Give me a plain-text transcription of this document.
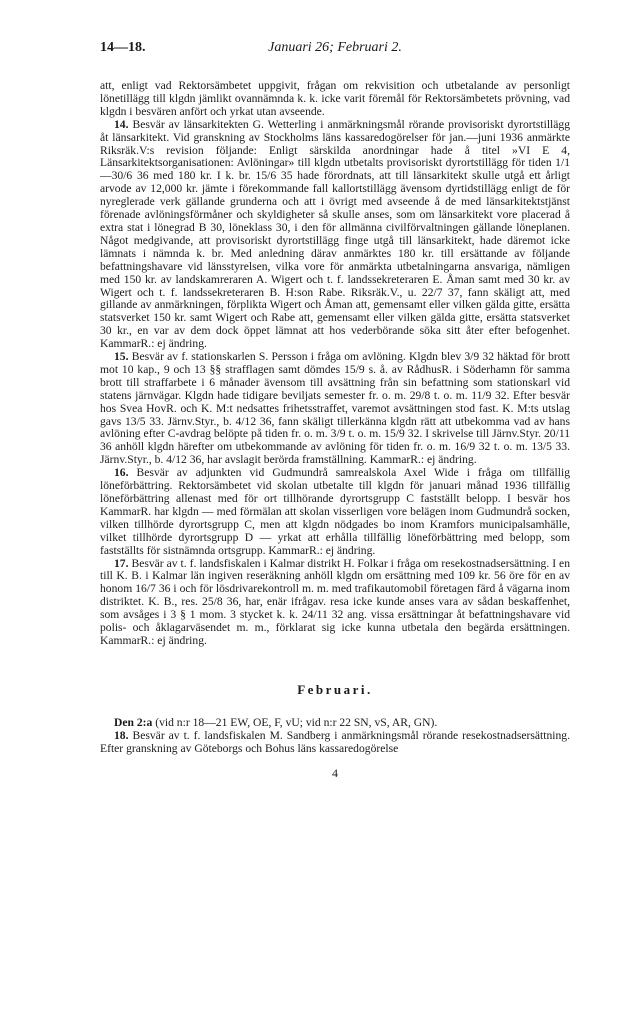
14—18.	Januari 26; Februari 2.

att, enligt vad Rektorsämbetet uppgivit, frågan om rekvisition och utbetalande av personligt lönetillägg till klgdn jämlikt ovannämnda k. k. icke varit föremål för Rektorsämbetets prövning, vad klgdn i besvären anfört och yrkat utan avseende.

14. Besvär av länsarkitekten G. Wetterling i anmärkningsmål rörande provisoriskt dyrortstillägg åt länsarkitekt. Vid granskning av Stockholms läns kassaredogörelser för jan.—juni 1936 anmärkte Riksräk.V:s revision följande: Enligt särskilda anordningar hade å titel »VI E 4, Länsarkitektsorganisationen: Avlöningar» till klgdn utbetalts provisoriskt dyrortstillägg för tiden 1/1—30/6 36 med 180 kr. I k. br. 15/6 35 hade förordnats, att till länsarkitekt skulle utgå ett årligt arvode av 12,000 kr. jämte i förekommande fall kallortstillägg ävensom dyrtidstillägg enligt de för nyreglerade verk gällande grunderna och att i övrigt med avseende å de med länsarkitektstjänst förenade avlöningsförmåner och skyldigheter så skulle anses, som om länsarkitekt vore placerad å extra stat i lönegrad B 30, löneklass 30, i den för allmänna civilförvaltningen gällande löneplanen. Något medgivande, att provisoriskt dyrortstillägg finge utgå till länsarkitekt, hade däremot icke lämnats i nämnda k. br. Med anledning därav anmärktes 180 kr. till ersättande av följande befattningshavare vid länsstyrelsen, vilka vore för anmärkta utbetalningarna ansvariga, nämligen med 150 kr. av landskamreraren A. Wigert och t. f. landssekreteraren E. Åman samt med 30 kr. av Wigert och t. f. landssekreteraren B. H:son Rabe. Riksräk.V., u. 22/7 37, fann skäligt att, med gillande av anmärkningen, förplikta Wigert och Åman att, gemensamt eller vilken gälda gitte, ersätta statsverket 150 kr. samt Wigert och Rabe att, gemensamt eller vilken gälda gitte, ersätta statsverket 30 kr., en var av dem dock öppet lämnat att hos vederbörande söka sitt åter efter befogenhet. KammarR.: ej ändring.

15. Besvär av f. stationskarlen S. Persson i fråga om avlöning. Klgdn blev 3/9 32 häktad för brott mot 10 kap., 9 och 13 §§ strafflagen samt dömdes 15/9 s. å. av RådhusR. i Söderhamn för samma brott till straffarbete i 6 månader ävensom till avsättning från sin befattning som stationskarl vid statens järnvägar. Klgdn hade tidigare beviljats semester fr. o. m. 29/8 t. o. m. 11/9 32. Efter besvär hos Svea HovR. och K. M:t nedsattes frihetsstraffet, varemot avsättningen stod fast. K. M:ts utslag gavs 13/5 33. Järnv.Styr., b. 4/12 36, fann skäligt tillerkänna klgdn rätt att utbekomma vad av hans avlöning efter C-avdrag belöpte på tiden fr. o. m. 3/9 t. o. m. 15/9 32. I skrivelse till Järnv.Styr. 20/11 36 anhöll klgdn härefter om utbekommande av avlöning för tiden fr. o. m. 16/9 32 t. o. m. 13/5 33. Järnv.Styr., b. 4/12 36, har avslagit berörda framställning. KammarR.: ej ändring.

16. Besvär av adjunkten vid Gudmundrå samrealskola Axel Wide i fråga om tillfällig löneförbättring. Rektorsämbetet vid skolan utbetalte till klgdn för januari månad 1936 tillfällig löneförbättring allenast med för ort tillhörande dyrortsgrupp C fastställt belopp. I besvär hos KammarR. har klgdn — med förmälan att skolan visserligen vore belägen inom Gudmundrå socken, vilken tillhörde dyrortsgrupp C, men att klgdn nödgades bo inom Kramfors municipalsamhälle, vilket tillhörde dyrortsgrupp D — yrkat att erhålla tillfällig löneförbättring med belopp, som fastställts för sistnämnda ortsgrupp. KammarR.: ej ändring.

17. Besvär av t. f. landsfiskalen i Kalmar distrikt H. Folkar i fråga om resekostnadsersättning. I en till K. B. i Kalmar län ingiven reseräkning anhöll klgdn om ersättning med 109 kr. 56 öre för en av honom 16/7 36 i och för lösdrivarekontroll m. m. med trafikautomobil företagen färd å vägarna inom distriktet. K. B., res. 25/8 36, har, enär ifrågav. resa icke kunde anses vara av sådan beskaffenhet, som avsåges i 3 § 1 mom. 3 stycket k. k. 24/11 32 ang. vissa ersättningar åt befattningshavare vid polis- och åklagarväsendet m. m., förklarat sig icke kunna utbetala den begärda ersättningen. KammarR.: ej ändring.

Februari.

Den 2:a (vid n:r 18—21 EW, OE, F, vU; vid n:r 22 SN, vS, AR, GN).

18. Besvär av t. f. landsfiskalen M. Sandberg i anmärkningsmål rörande resekostnadsersättning. Efter granskning av Göteborgs och Bohus läns kassaredogörelse

4
